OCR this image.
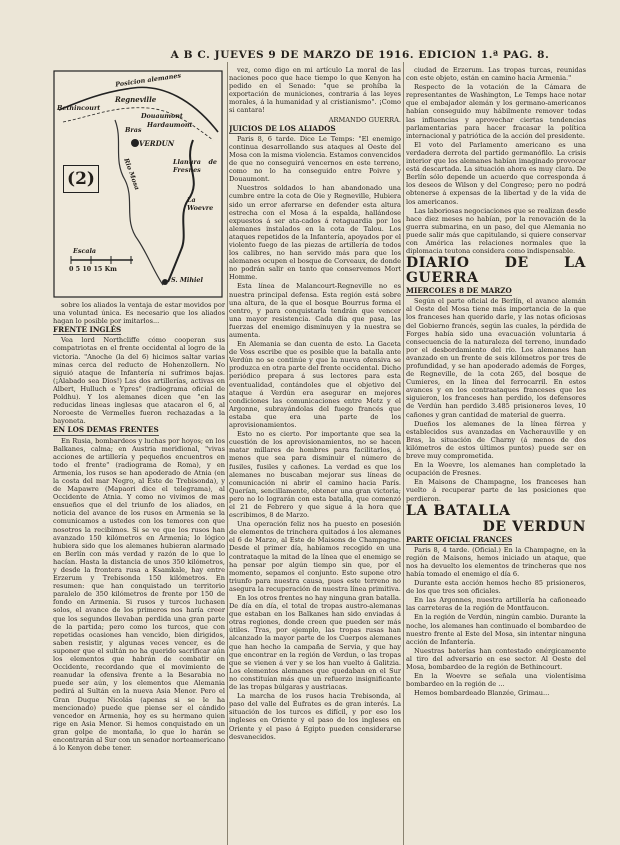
A B C. JUEVES 9 DE MARZO DE 1916. EDICION 1.ª PAG. 8.
Posicion alemanes
Regneville
Bethincourt
Douaumont
Hardaumont
Bras
VERDUN
Llanura de Fresnes
La Woevre
Rio Mosa
Escala
0 5 10 15 Km
S. Mihiel
(2)

sobre los aliados la ventaja de estar movidos por una voluntad única. Es necesario que los aliados hagan lo posible por imitarlos...

FRENTE INGLÉS

Vea lord Northcliffe cómo cooperan sus compatriotas en el frente occidental al logro de la victoria. "Anoche (la del 6) hicimos saltar varias minas cerca del reducto de Hohenzollern. No siguió ataque de Infantería ni sufrimos bajas. (¡Alabado sea Dios!) Las dos artillerías, activas en Albert, Hulluch e Ypres" (radiograma oficial de Poldhu). Y los alemanes dicen que "en las reducidas lineas inglesas que atacaron el 6, al Noroeste de Vermelles fueron rechazadas a la bayoneta.

EN LOS DEMAS FRENTES

En Rusia, bombardeos y luchas por hoyos; en los Balkanes, calma; en Austria meridional, "vivas acciones de artillería y pequeños encuentros en todo el frente" (radiograma de Roma), y en Armenia, los rusos se han apoderado de Atnia (en la costa del mar Negro, al Este de Trebisonda), y de Mapawre (Mapaori dice el telegrama), al Occidente de Atnia. Y como no vivimos de mas ensueños que el del triunfo de los aliados, en noticia del avance de los rusos en Armenia se la comunicamos a ustedes con los temores con que nosotros la recibimos. Si se ve que los rusos han avanzado 150 kilómetros en Armenia; lo lógico hubiera sido que los alemanes hubieran alarmado en Berlín con más verdad y razón de lo que lo hacían. Hasta la distancia de unos 350 kilómetros, y desde la frontera rusa a Ksamkale, hay entre Erzerum y Trebisonda 150 kilómetros. En resumen: que han conquistado un territorio paralelo de 350 kilómetros de frente por 150 de fondo en Armenia. Si rusos y turcos luchasen solos, el avance de los primeros nos haría creer que los segundos llevaban perdida una gran parte de la partida; pero como los turcos, que con repetidas ocasiones han vencido, bien dirigidos, saben resistir, y algunas veces vencer, es de suponer que el sultán no ha querido sacrificar aún los elementos que habrán de combatir en Occidente, recordando que el movimiento de reanudar la ofensiva frente a la Besarabia no puede ser aún, y los elementos que Alemania pedirá al Sultán en la nueva Asia Menor. Pero el Gran Duque Nicolás (apenas si se le ha mencionado) puede que piense ser el cándido vencedor en Armenia, hoy es su hermano quien rige en Asia Menor. Si hemos conquistado en un gran golpe de montaña, lo que lo harán se encontrarán al Sur con un senador norteamericano á lo Kenyon debe tener.

vez, como digo en mi artículo La moral de las naciones poco que hace tiempo lo que Kenyon ha pedido en el Senado: "que se prohíba la exportación de municiones, contraria á las leyes morales, á la humanidad y al cristianismo". ¡Como si cantara!

ARMANDO GUERRA.

JUICIOS DE LOS ALIADOS

Paris 8, 6 tarde. Dice Le Temps: "El enemigo continua desarrollando sus ataques al Oeste del Mosa con la misma violencia. Estamos convencidos de que no conseguirá vencernos en este terreno, como no lo ha conseguido entre Poivre y Douaumont.

Nuestros soldados lo han abandonado una cumbre entre la cota de Oie y Regneville, Hubiera sido un error aferrarse en defender esta altura estrecha con el Mosa á la espalda, hallándose expuestos á ser ata-cados á retaguardia por los alemanes instalados en la cota de Talou. Los ataques repetidos de la Infantería, apoyados por el violento fuego de las piezas de artillería de todos los calibres, no han servido más para que los alemanes ocupen el bosque de Corveaux, de donde no podrán salir en tanto que conservemos Mort Homme.

Esta línea de Malancourt-Regneville no es nuestra principal defensa. Esta región está sobre una altura, de la que el bosque Bourrus forma el centro, y para conquistarla tendrán que vencer una mayor resistencia. Cada día que pasa, las fuerzas del enemigo disminuyen y la nuestra se aumenta.

En Alemania se dan cuenta de esto. La Gaceta de Voss escribe que es posible que la batalla ante Verdún no se continúe y que la nueva ofensiva se produzca en otra parte del frente occidental. Dicho periódico prepara á sus lectores para esta eventualidad, contándoles que el objetivo del ataque á Verdún era asegurar en mejores condiciones las comunicaciones entre Metz y el Argonne, subrayándolas del fuego francés que estaba que era una parte de los aprovisionamientos.

Esto no es cierto. Por importante que sea la cuestión de los aprovisionamientos, no se hacen matar millares de hombres para facilitarlos, á menos que sea para disminuir el número de fusiles, fusiles y cañones. La verdad es que los alemanes no buscaban mejorar sus líneas de comunicación ni abrir el camino hacia París. Querían, sencillamente, obtener una gran victoria; pero no lo lograrán con esta batalla, que comenzó el 21 de Febrero y que sigue á la hora que escribimos, 8 de Marzo.

Una operación feliz nos ha puesto en posesión de elementos de trinchera quitados á los alemanes el 6 de Marzo, al Este de Maisons de Champagne. Desde el primer día, habíamos recogido en una contrataque la mitad de la línea que el enemigo se ha pensar por algún tiempo sin que, por el momento, sepamos el conjunto. Esto supone otro triunfo para nuestra causa, pues este terreno no asegura la recuperación de nuestra línea primitiva.

En los otros frentes no hay ninguna gran batalla. De día en día, el total de tropas austro-alemanas que estaban en los Balkanes han sido enviadas á otras regiones, donde creen que pueden ser más útiles. Tras, por ejemplo, las tropas rusas han alcanzado la mayor parte de los Cuerpos alemanes que han hecho la campaña de Servia, y que hay que encontrar en la región de Verdun, o las tropas que se vienen á ver y se los han vuelto á Galitzia. Los elementos alemanes que quedaban en el Sur no constituían más que un refuerzo insignificante de las tropas búlgaras y austriacas.

La marcha de los rusos hacia Trebisonda, al paso del valle del Éufrates es de gran interés. La situación de los turcos es difícil, y por eso los ingleses en Oriente y el paso de los ingleses en Oriente y el paso á Egipto pueden considerarse desvanecidos.

ciudad de Erzerum. Las tropas turcas, reunidas con este objeto, están en camino hacia Armenia."

Respecto de la votación de la Cámara de representantes de Washington, Le Temps hace notar que el embajador alemán y los germano-americanos habían conseguido muy hábilmente remover todas las influencias y aprovechar ciertas tendencias parlamentarias para hacer fracasar la política internacional y patriótica de la acción del presidente.

El voto del Parlamento americano es una verdadera derrota del partido germanófilo. La crisis interior que los alemanes habían imaginado provocar está descartada. La situación ahora es muy clara. De Berlín sólo depende un acuerdo que corresponda á los deseos de Wilson y del Congreso; pero no podrá obtenerse á expensas de la libertad y de la vida de los americanos.

Las laboriosas negociaciones que se realizan desde hace diez meses no habían, por la renovación de la guerra submarina, en un paso, del que Alemania no puede salir más que capitulando, si quiere conservar con América las relaciones normales que la diplomacia teutona considera como indispensable.

DIARIO DE LA GUERRA

MIERCOLES 8 DE MARZO

Según el parte oficial de Berlín, el avance alemán al Oeste del Mosa tiene más importancia de la que los franceses han querido darle, y las notas oficiosas del Gobierno francés, según las cuales, la pérdida de Forges había sido una evacuación voluntaria á consecuencia de la naturaleza del terreno, inundado por el desbordamiento del río. Los alemanes han avanzado en un frente de seis kilómetros por tres de profundidad, y se han apoderado además de Forges, de Regneville, de la cota 265, del bosque de Cumieres, en la línea del ferrocarril. En estos avances y en los contraataques franceses que les siguieron, los franceses han perdido, los defensores de Verdún han perdido 3.485 prisioneros leves, 10 cañones y gran cantidad de material de guerra.

Dueños los alemanes de la línea férrea y establecidos sus avanzadas en Vacherauville y en Bras, la situación de Charny (á menos de dos kilómetros de estos últimos puntos) puede ser en breve muy comprometida.

En la Woevre, los alemanes han completado la ocupación de Fresnes.

En Maisons de Champagne, los franceses han vuelto á recuperar parte de las posiciones que perdieron.

LA BATALLA

DE VERDUN

PARTE OFICIAL FRANCES

Paris 8, 4 tarde. (Oficial.) En la Champagne, en la región de Maisons, hemos iniciado un ataque, que nos ha devuelto los elementos de trincheras que nos había tomado el enemigo el día 6.

Durante esta acción hemos hecho 85 prisioneros, de los que tres son oficiales.

En las Argonnes, nuestra artillería ha cañoneado las carreteras de la región de Montfaucon.

En la región de Verdún, ningún cambio. Durante la noche, los alemanes han continuado el bombardeo de nuestro frente al Este del Mosa, sin intentar ninguna acción de Infantería.

Nuestras baterías han contestado enérgicamente al tiro del adversario en ese sector. Al Oeste del Mosa, bombardeo de la región de Bethincourt.

En la Woevre se señala una violentísima bombardeo en la región de ...

Hemos bombardeado Blanzée, Grimau...
